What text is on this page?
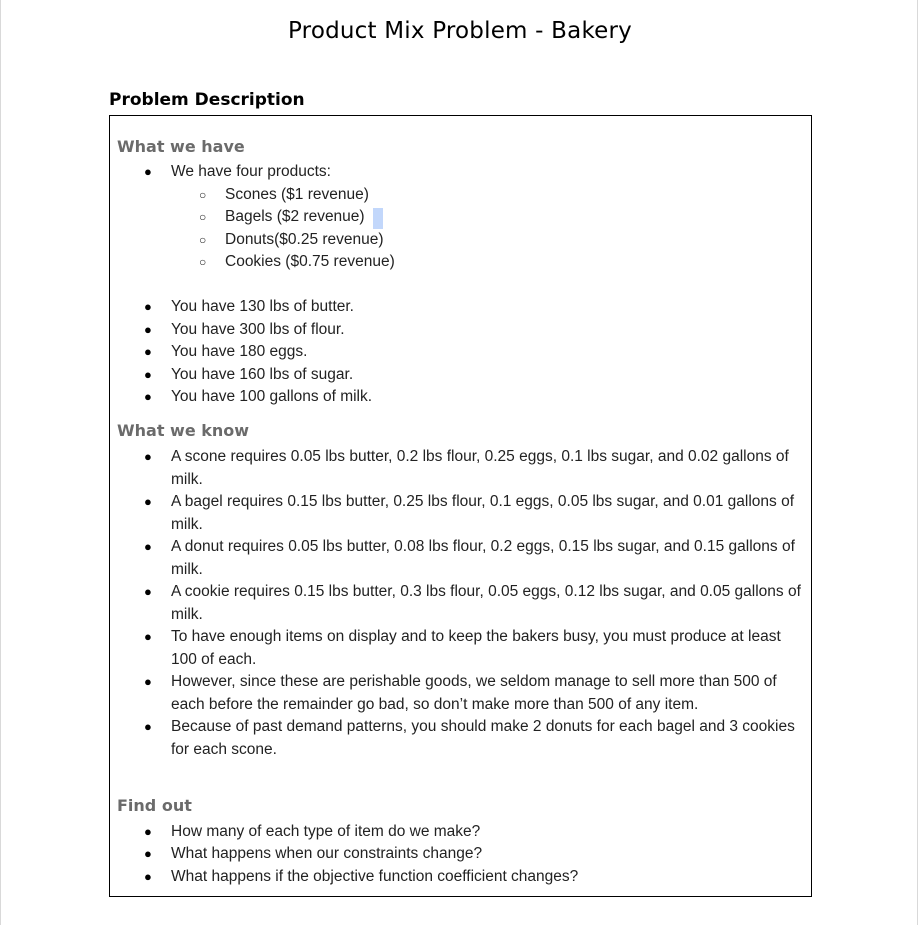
Product Mix Problem - Bakery
Problem Description
What we have
● We have four products:
○ Scones ($1 revenue)
○ Bagels ($2 revenue)
○ Donuts($0.25 revenue)
○ Cookies ($0.75 revenue)
● You have 130 lbs of butter.
● You have 300 lbs of flour.
● You have 180 eggs.
● You have 160 lbs of sugar.
● You have 100 gallons of milk.
What we know
● A scone requires 0.05 lbs butter, 0.2 lbs flour, 0.25 eggs, 0.1 lbs sugar, and 0.02 gallons of milk.
● A bagel requires 0.15 lbs butter, 0.25 lbs flour, 0.1 eggs, 0.05 lbs sugar, and 0.01 gallons of milk.
● A donut requires 0.05 lbs butter, 0.08 lbs flour, 0.2 eggs, 0.15 lbs sugar, and 0.15 gallons of milk.
● A cookie requires 0.15 lbs butter, 0.3 lbs flour, 0.05 eggs, 0.12 lbs sugar, and 0.05 gallons of milk.
● To have enough items on display and to keep the bakers busy, you must produce at least 100 of each.
● However, since these are perishable goods, we seldom manage to sell more than 500 of each before the remainder go bad, so don’t make more than 500 of any item.
● Because of past demand patterns, you should make 2 donuts for each bagel and 3 cookies for each scone.
Find out
● How many of each type of item do we make?
● What happens when our constraints change?
● What happens if the objective function coefficient changes?
